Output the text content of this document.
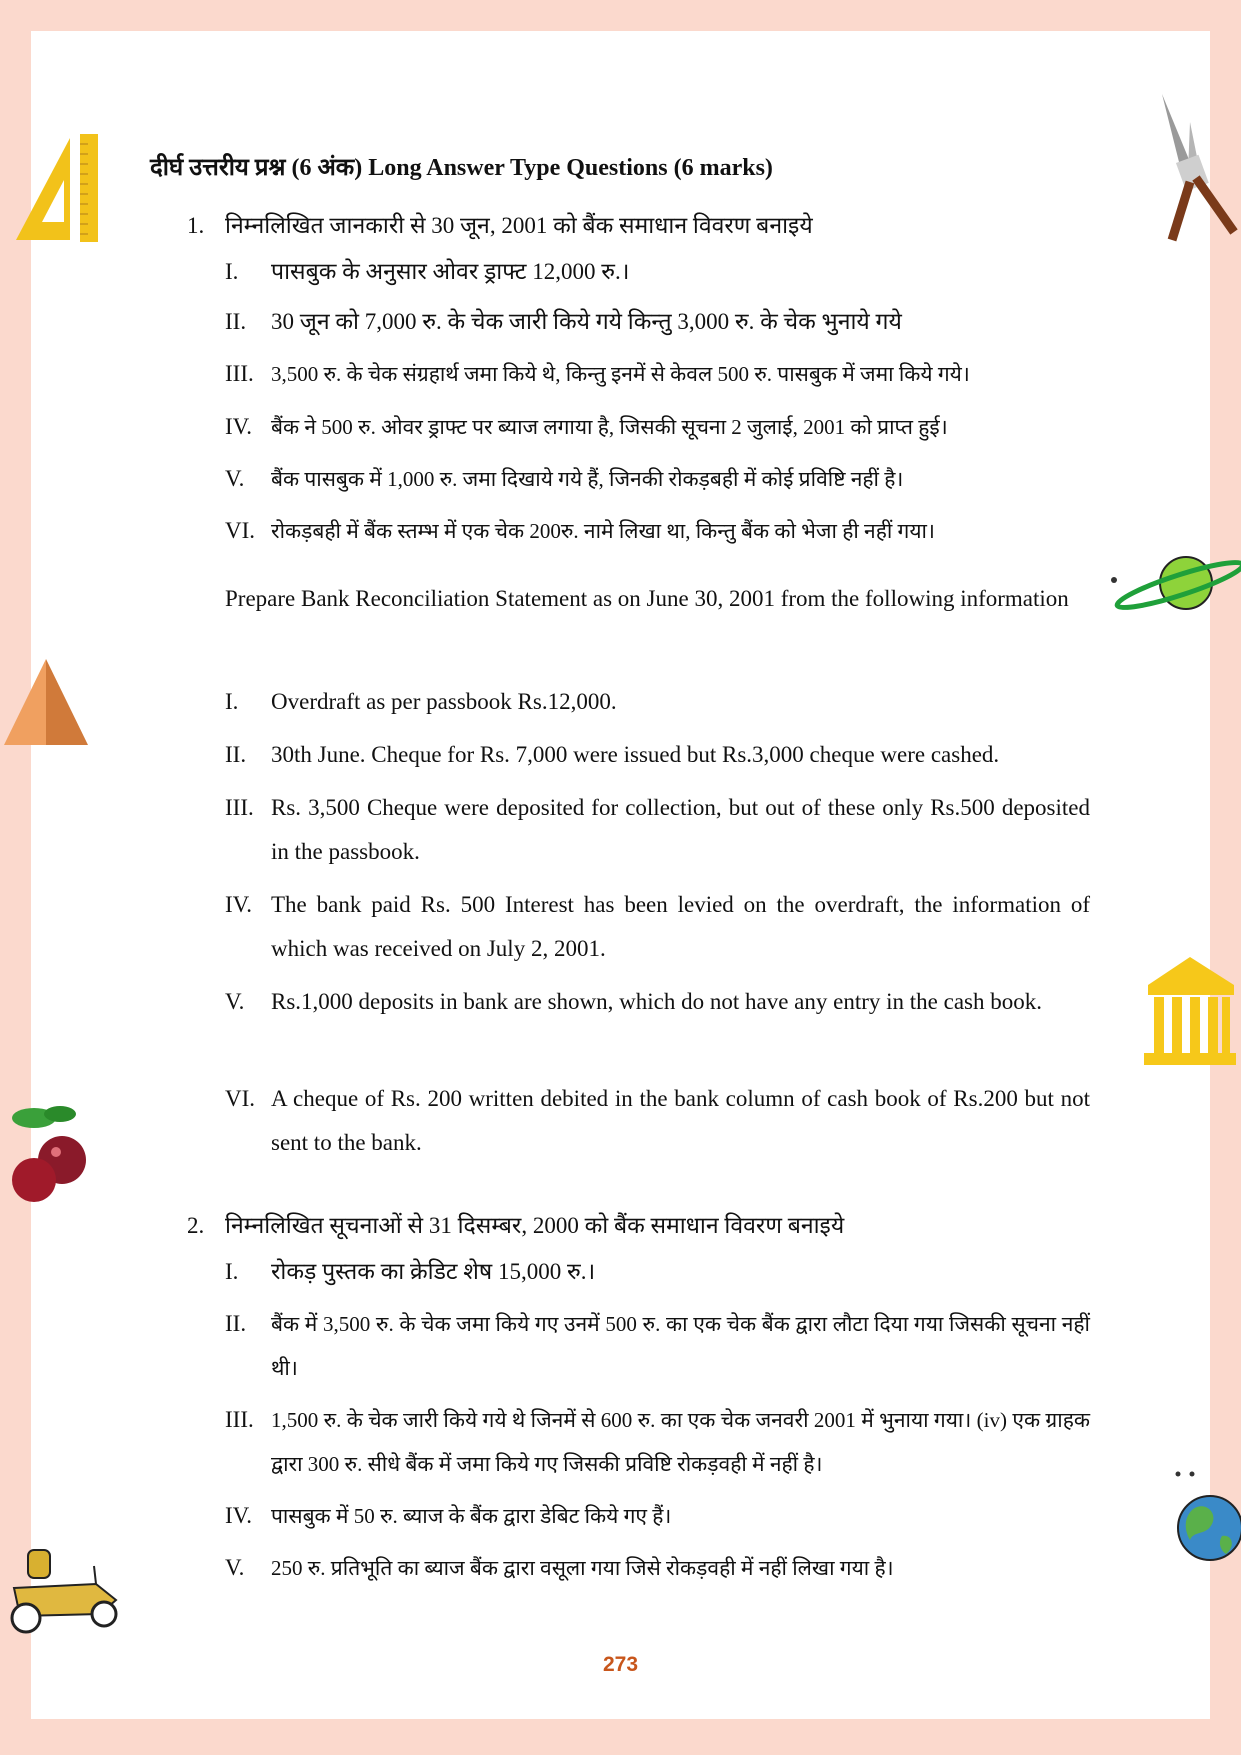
दीर्घ उत्तरीय प्रश्न (6 अंक) Long Answer Type Questions (6 marks)
1. निम्नलिखित जानकारी से 30 जून, 2001 को बैंक समाधान विवरण बनाइये
I.	पासबुक के अनुसार ओवर ड्राफ्ट 12,000 रु.।
II.	30 जून को 7,000 रु. के चेक जारी किये गये किन्तु 3,000 रु. के चेक भुनाये गये
III. 3,500 रु. के चेक संग्रहार्थ जमा किये थे, किन्तु इनमें से केवल 500 रु. पासबुक में जमा किये गये।
IV. बैंक ने 500 रु. ओवर ड्राफ्ट पर ब्याज लगाया है, जिसकी सूचना 2 जुलाई, 2001 को प्राप्त हुई।
V.	बैंक पासबुक में 1,000 रु. जमा दिखाये गये हैं, जिनकी रोकड़बही में कोई प्रविष्टि नहीं है।
VI. रोकड़बही में बैंक स्तम्भ में एक चेक 200रु. नामे लिखा था, किन्तु बैंक को भेजा ही नहीं गया।
Prepare Bank Reconciliation Statement as on June 30, 2001 from the following information
I.	Overdraft as per passbook Rs.12,000.
II.	30th June. Cheque for Rs. 7,000 were issued but Rs.3,000 cheque were cashed.
III. Rs. 3,500 Cheque were deposited for collection, but out of these only Rs.500 deposited in the passbook.
IV. The bank paid Rs. 500 Interest has been levied on the overdraft, the information of which was received on July 2, 2001.
V.	Rs.1,000 deposits in bank are shown, which do not have any entry in the cash book.
VI. A cheque of Rs. 200 written debited in the bank column of cash book of Rs.200 but not sent to the bank.
2. निम्नलिखित सूचनाओं से 31 दिसम्बर, 2000 को बैंक समाधान विवरण बनाइये
I.	रोकड़ पुस्तक का क्रेडिट शेष 15,000 रु.।
II.	बैंक में 3,500 रु. के चेक जमा किये गए उनमें 500 रु. का एक चेक बैंक द्वारा लौटा दिया गया जिसकी सूचना नहीं थी।
III. 1,500 रु. के चेक जारी किये गये थे जिनमें से 600 रु. का एक चेक जनवरी 2001 में भुनाया गया। (iv) एक ग्राहक द्वारा 300 रु. सीधे बैंक में जमा किये गए जिसकी प्रविष्टि रोकड़वही में नहीं है।
IV. पासबुक में 50 रु. ब्याज के बैंक द्वारा डेबिट किये गए हैं।
V.	250 रु. प्रतिभूति का ब्याज बैंक द्वारा वसूला गया जिसे रोकड़वही में नहीं लिखा गया है।
273
